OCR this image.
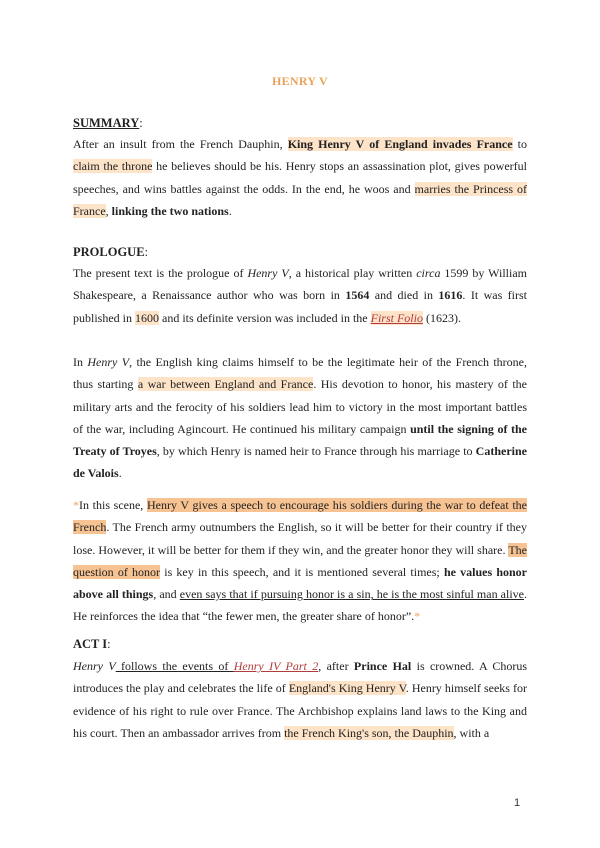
HENRY V

SUMMARY:

After an insult from the French Dauphin, King Henry V of England invades France to claim the throne he believes should be his. Henry stops an assassination plot, gives powerful speeches, and wins battles against the odds. In the end, he woos and marries the Princess of France, linking the two nations.

PROLOGUE:

The present text is the prologue of Henry V, a historical play written circa 1599 by William Shakespeare, a Renaissance author who was born in 1564 and died in 1616. It was first published in 1600 and its definite version was included in the First Folio (1623).

In Henry V, the English king claims himself to be the legitimate heir of the French throne, thus starting a war between England and France. His devotion to honor, his mastery of the military arts and the ferocity of his soldiers lead him to victory in the most important battles of the war, including Agincourt. He continued his military campaign until the signing of the Treaty of Troyes, by which Henry is named heir to France through his marriage to Catherine de Valois.

*In this scene, Henry V gives a speech to encourage his soldiers during the war to defeat the French. The French army outnumbers the English, so it will be better for their country if they lose. However, it will be better for them if they win, and the greater honor they will share. The question of honor is key in this speech, and it is mentioned several times; he values honor above all things, and even says that if pursuing honor is a sin, he is the most sinful man alive. He reinforces the idea that “the fewer men, the greater share of honor”.*

ACT I:

Henry V follows the events of Henry IV Part 2, after Prince Hal is crowned. A Chorus introduces the play and celebrates the life of England's King Henry V. Henry himself seeks for evidence of his right to rule over France. The Archbishop explains land laws to the King and his court. Then an ambassador arrives from the French King's son, the Dauphin, with a

1
